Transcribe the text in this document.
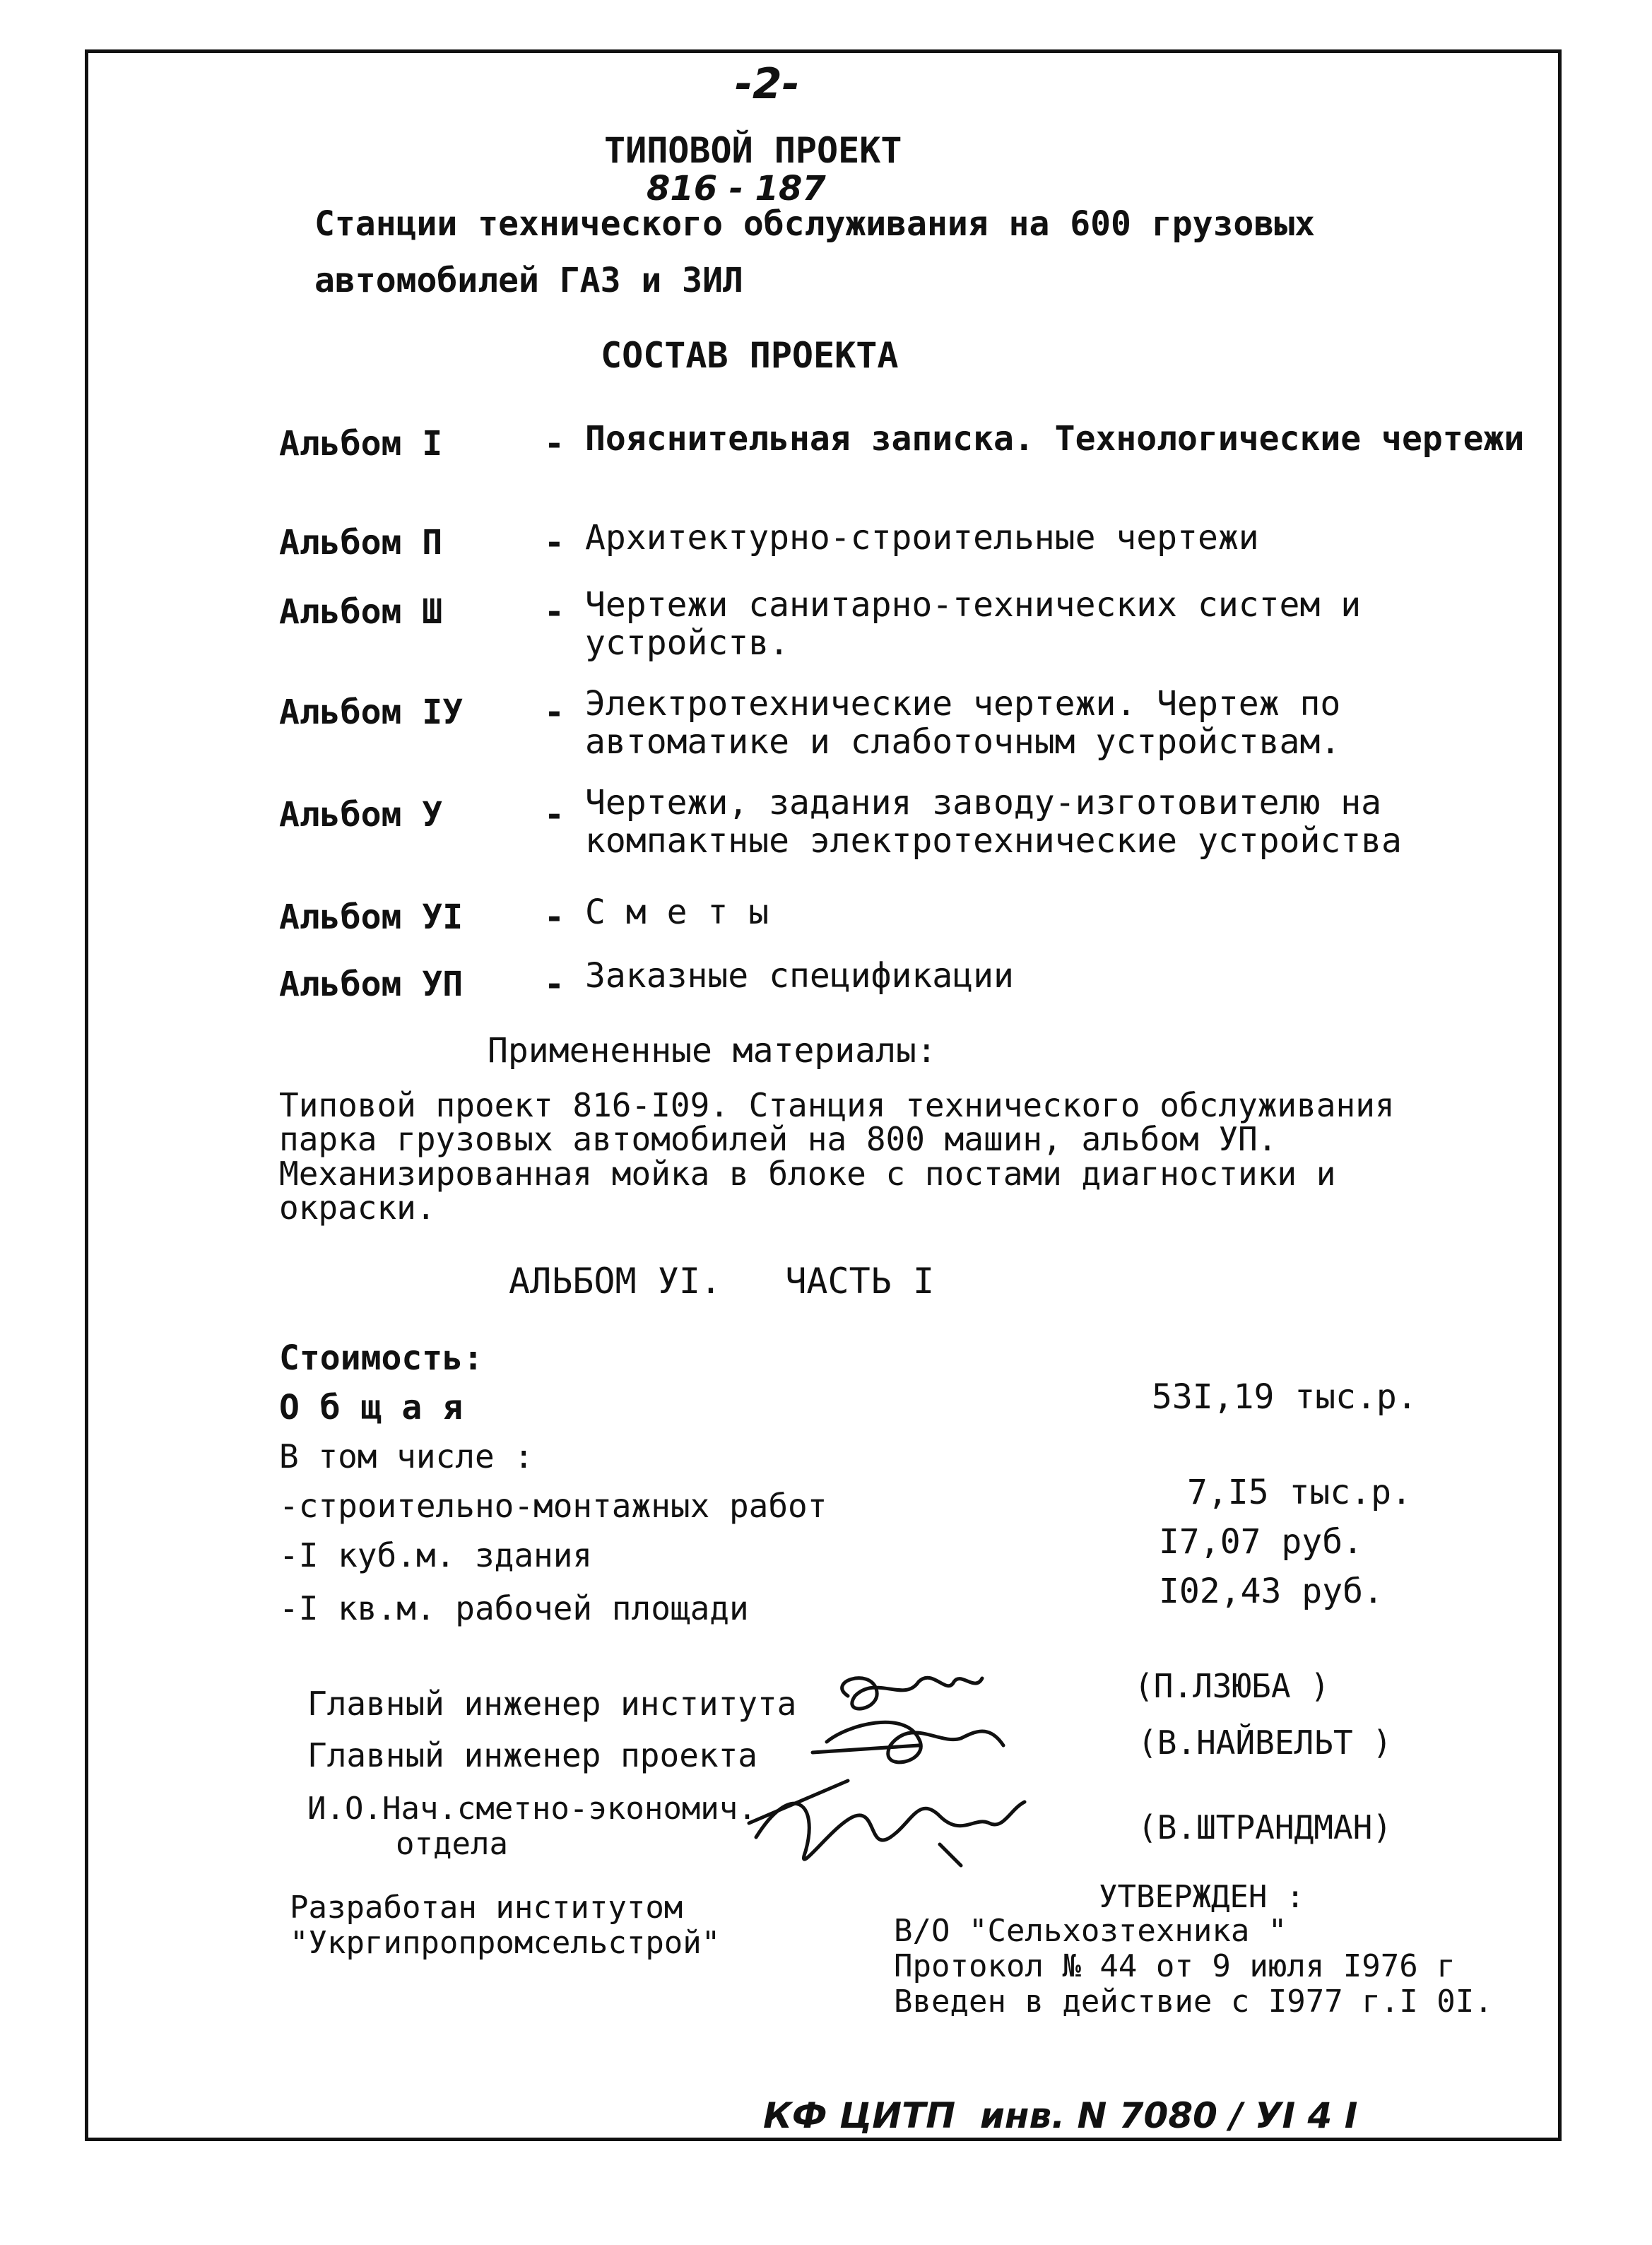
-2-
ТИПОВОЙ ПРОЕКТ
816 - 187
Станции технического обслуживания на 600 грузовых
автомобилей ГАЗ и ЗИЛ
СОСТАВ ПРОЕКТА
Альбом I	- Пояснительная записка. Технологические чертежи
Альбом П	- Архитектурно-строительные чертежи
Альбом Ш	- Чертежи санитарно-технических систем и устройств.
Альбом IУ - Электротехнические чертежи. Чертеж по автоматике и слаботочным устройствам.
Альбом У	- Чертежи, задания заводу-изготовителю на компактные электротехнические устройства
Альбом УI - С м е т ы
Альбом УП - Заказные спецификации
Примененные материалы:
Типовой проект 816-I09. Станция технического обслуживания парка грузовых автомобилей на 800 машин, альбом УП. Механизированная мойка в блоке с постами диагностики и окраски.
АЛЬБОМ УI.   ЧАСТЬ I
Стоимость:
О б щ а я	53I,19 тыс.р.
В том числе :
-строительно-монтажных работ	7,I5 тыс.р.
-I куб.м. здания	I7,07 руб.
-I кв.м. рабочей площади	I02,43 руб.
Главный инженер института	(П.ЛЗЮБА )
Главный инженер проекта	(В.НАЙВЕЛЬТ )
И.О.Нач.сметно-экономич.
отдела	(В.ШТРАНДМАН)
Разработан институтом
"Укргипропромсельстрой"
УТВЕРЖДЕН :
В/О "Сельхозтехника "
Протокол № 44 от 9 июля I976 г
Введен в действие с I977 г.I 0I.
КФ ЦИТП  инв. N 7080 / УI 4 I
